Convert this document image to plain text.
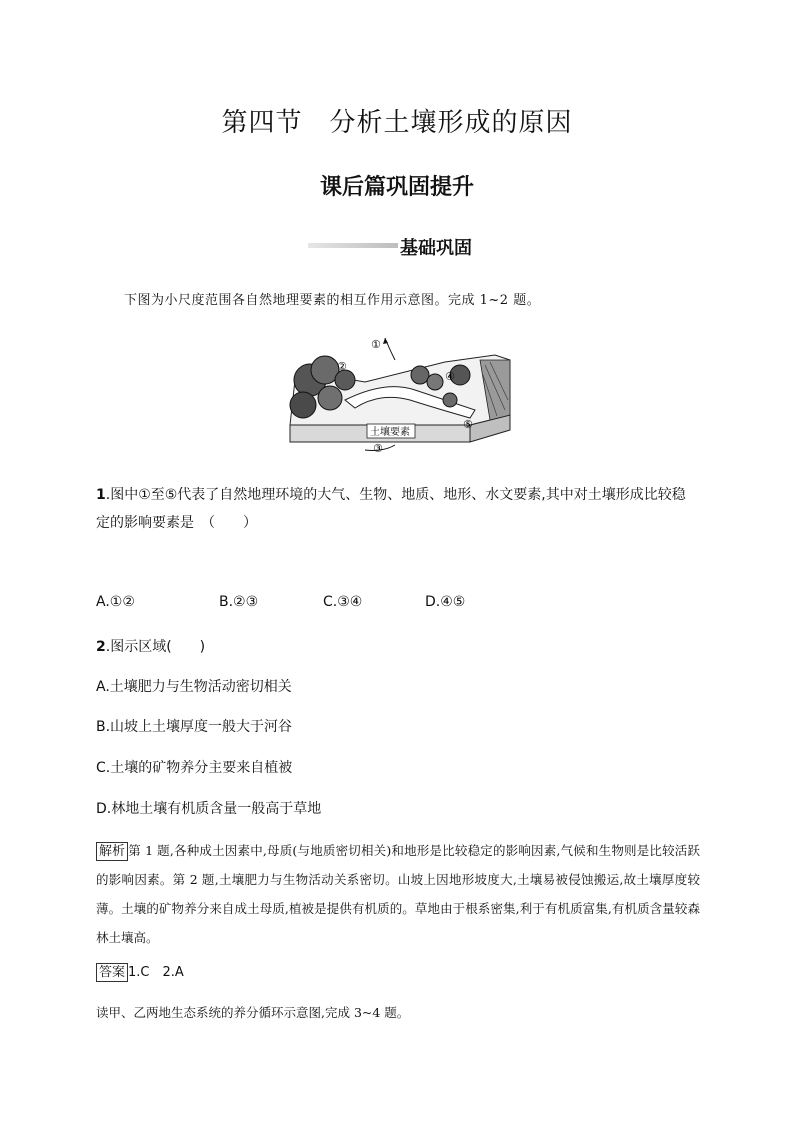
第四节　分析土壤形成的原因
课后篇巩固提升
基础巩固
下图为小尺度范围各自然地理要素的相互作用示意图。完成 1~2 题。
①
②
③
④
⑤
土壤要素
1.图中①至⑤代表了自然地理环境的大气、生物、地质、地形、水文要素,其中对土壤形成比较稳
定的影响要素是　（　　）
A.①②	B.②③	C.③④	D.④⑤
2.图示区域(　　)
A.土壤肥力与生物活动密切相关
B.山坡上土壤厚度一般大于河谷
C.土壤的矿物养分主要来自植被
D.林地土壤有机质含量一般高于草地
解析 第 1 题,各种成土因素中,母质(与地质密切相关)和地形是比较稳定的影响因素,气候和生物则是比较活跃的影响因素。第 2 题,土壤肥力与生物活动关系密切。山坡上因地形坡度大,土壤易被侵蚀搬运,故土壤厚度较薄。土壤的矿物养分来自成土母质,植被是提供有机质的。草地由于根系密集,利于有机质富集,有机质含量较森林土壤高。
答案 1.C　2.A
读甲、乙两地生态系统的养分循环示意图,完成 3~4 题。
